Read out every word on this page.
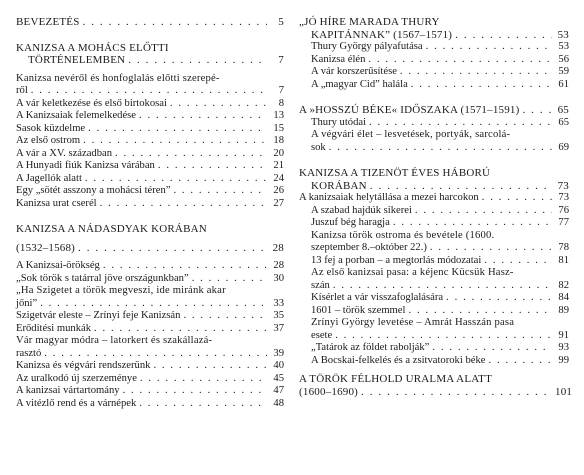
BEVEZETÉS . . .	5
KANIZSA A MOHÁCS ELŐTTI
TÖRTÉNELEMBEN . . .	7
Kanizsa nevéről és honfoglalás előtti szerepé-
ről . . .	7
A vár keletkezése és első birtokosai . . .	8
A Kanizsaiak felemelkedése . . .	13
Sasok küzdelme . . .	15
Az első ostrom . . .	18
A vár a XV. században . . .	20
A Hunyadi fiúk Kanizsa várában . . .	21
A Jagellók alatt . . .	24
Egy „sötét asszony a mohácsi téren” . . .	26
Kanizsa urat cserél . . .	27
KANIZSA A NÁDASDYAK KORÁBAN
(1532–1568) . . .	28
A Kanizsai-örökség . . .	28
„Sok török s tatárral jöve országunkban” . . .	30
„Ha Szigetet a török megveszi, ide miránk akar
jőni” . . .	33
Szigetvár eleste – Zrínyi feje Kanizsán . . .	35
Erődítési munkák . . .	37
Vár magyar módra – latorkert és szakállazá-
rasztó . . .	39
Kanizsa és végvári rendszerünk . . .	40
Az uralkodó új szerzeménye . . .	45
A kanizsai vártartomány . . .	47
A vitézlő rend és a várnépek . . .	48
„JÓ HÍRE MARADA THURY
KAPITÁNNAK” (1567–1571) . . .	53
Thury György pályafutása . . .	53
Kanizsa élén . . .	56
A vár korszerűsítése . . .	59
A „magyar Cid” halála . . .	61
A »HOSSZÚ BÉKE« IDŐSZAKA (1571–1591) . . .	65
Thury utódai . . .	65
A végvári élet – lesvetések, portyák, sarcolá-
sok . . .	69
KANIZSA A TIZENÖT ÉVES HÁBORÚ
KORÁBAN . . .	73
A kanizsaiak helytállása a mezei harcokon . . .	73
A szabad hajdúk sikerei . . .	76
Juszuf bég haragja . . .	77
Kanizsa török ostroma és bevétele (1600.
szeptember 8.–október 22.) . . .	78
13 fej a porban – a megtorlás módozatai . . .	81
Az első kanizsai pasa: a kéjenc Kücsük Hasz-
szán . . .	82
Kísérlet a vár visszafoglalására . . .	84
1601 – török szemmel . . .	89
Zrínyi György levetése – Amrát Hasszán pasa
esete . . .	91
„Tatárok az földet rabolják” . . .	93
A Bocskai-felkelés és a zsitvatoroki béke . . .	99
A TÖRÖK FÉLHOLD URALMA ALATT
(1600–1690) . . .	101
